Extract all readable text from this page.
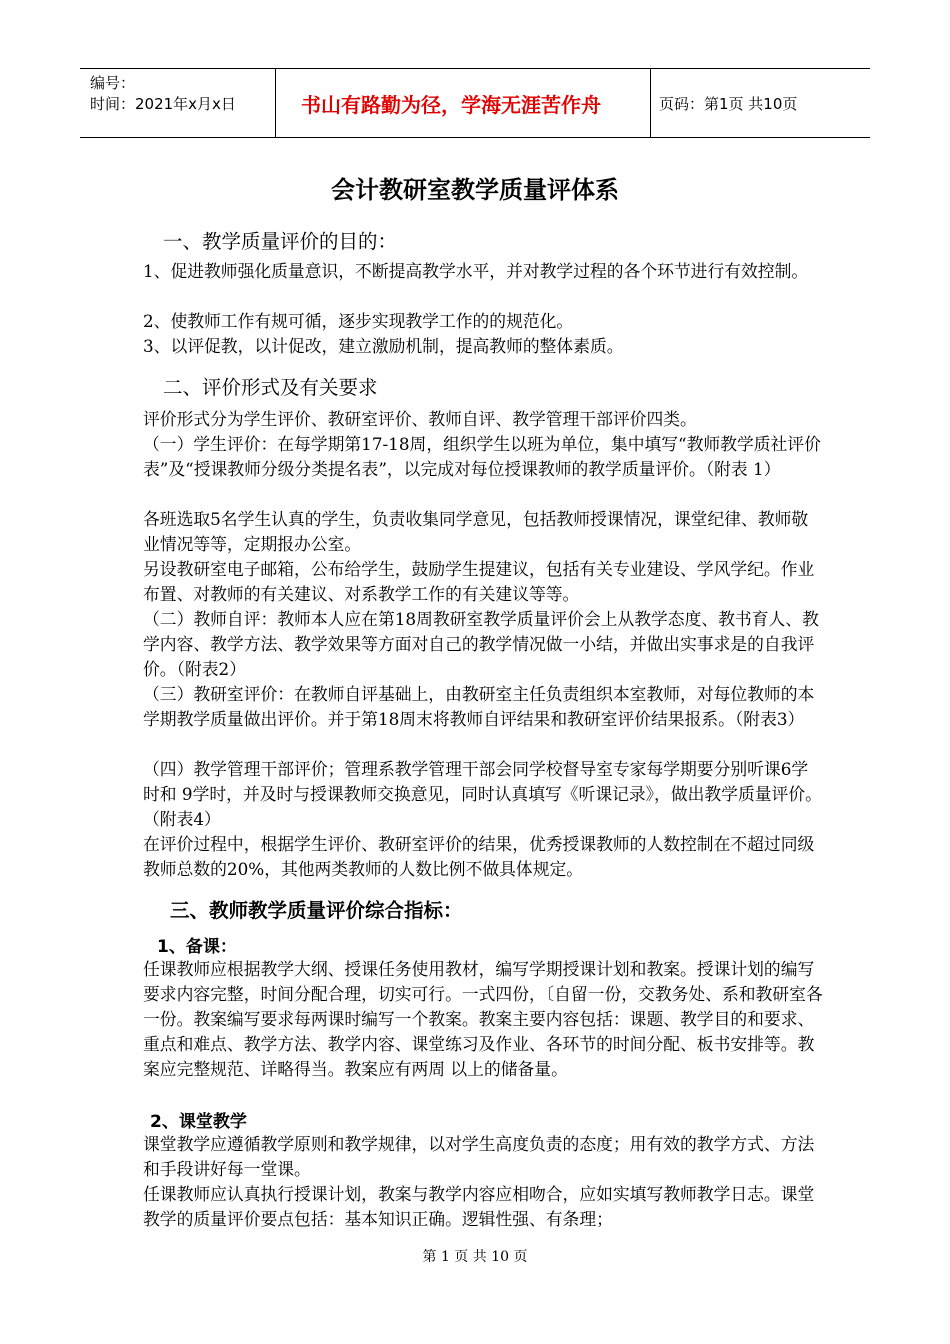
编号：
时间：2021年x月x日	书山有路勤为径，学海无涯苦作舟	页码：第1页 共10页
会计教研室教学质量评体系
一、教学质量评价的目的：

1、促进教师强化质量意识，不断提高教学水平，并对教学过程的各个环节进行有效控制。

2、使教师工作有规可循，逐步实现教学工作的的规范化。

3、以评促教，以计促改，建立激励机制，提高教师的整体素质。

二、评价形式及有关要求

评价形式分为学生评价、教研室评价、教师自评、教学管理干部评价四类。

（一）学生评价：在每学期第17-18周，组织学生以班为单位，集中填写“教师教学质社评价表”及“授课教师分级分类提名表”，以完成对每位授课教师的教学质量评价。（附表 1）

各班选取5名学生认真的学生，负责收集同学意见，包括教师授课情况，课堂纪律、教师敬业情况等等，定期报办公室。

另设教研室电子邮箱，公布给学生，鼓励学生提建议，包括有关专业建设、学风学纪。作业布置、对教师的有关建议、对系教学工作的有关建议等等。

（二）教师自评：教师本人应在第18周教研室教学质量评价会上从教学态度、教书育人、教学内容、教学方法、教学效果等方面对自己的教学情况做一小结，并做出实事求是的自我评价。（附表2）

（三）教研室评价：在教师自评基础上，由教研室主任负责组织本室教师，对每位教师的本学期教学质量做出评价。并于第18周末将教师自评结果和教研室评价结果报系。（附表3）

（四）教学管理干部评价；管理系教学管理干部会同学校督导室专家每学期要分别听课6学时和 9学时，并及时与授课教师交换意见，同时认真填写《听课记录》，做出教学质量评价。（附表4）

在评价过程中，根据学生评价、教研室评价的结果，优秀授课教师的人数控制在不超过同级教师总数的20%，其他两类教师的人数比例不做具体规定。

三、教师教学质量评价综合指标：
1、备课：

任课教师应根据教学大纲、授课任务使用教材，编写学期授课计划和教案。授课计划的编写要求内容完整，时间分配合理，切实可行。一式四份，〔自留一份，交教务处、系和教研室各一份。教案编写要求每两课时编写一个教案。教案主要内容包括：课题、教学目的和要求、重点和难点、教学方法、教学内容、课堂练习及作业、各环节的时间分配、板书安排等。教案应完整规范、详略得当。教案应有两周 以上的储备量。

2、课堂教学

课堂教学应遵循教学原则和教学规律，以对学生高度负责的态度；用有效的教学方式、方法和手段讲好每一堂课。

任课教师应认真执行授课计划，教案与教学内容应相吻合，应如实填写教师教学日志。课堂教学的质量评价要点包括：基本知识正确。逻辑性强、有条理；

第 1 页 共 10 页
